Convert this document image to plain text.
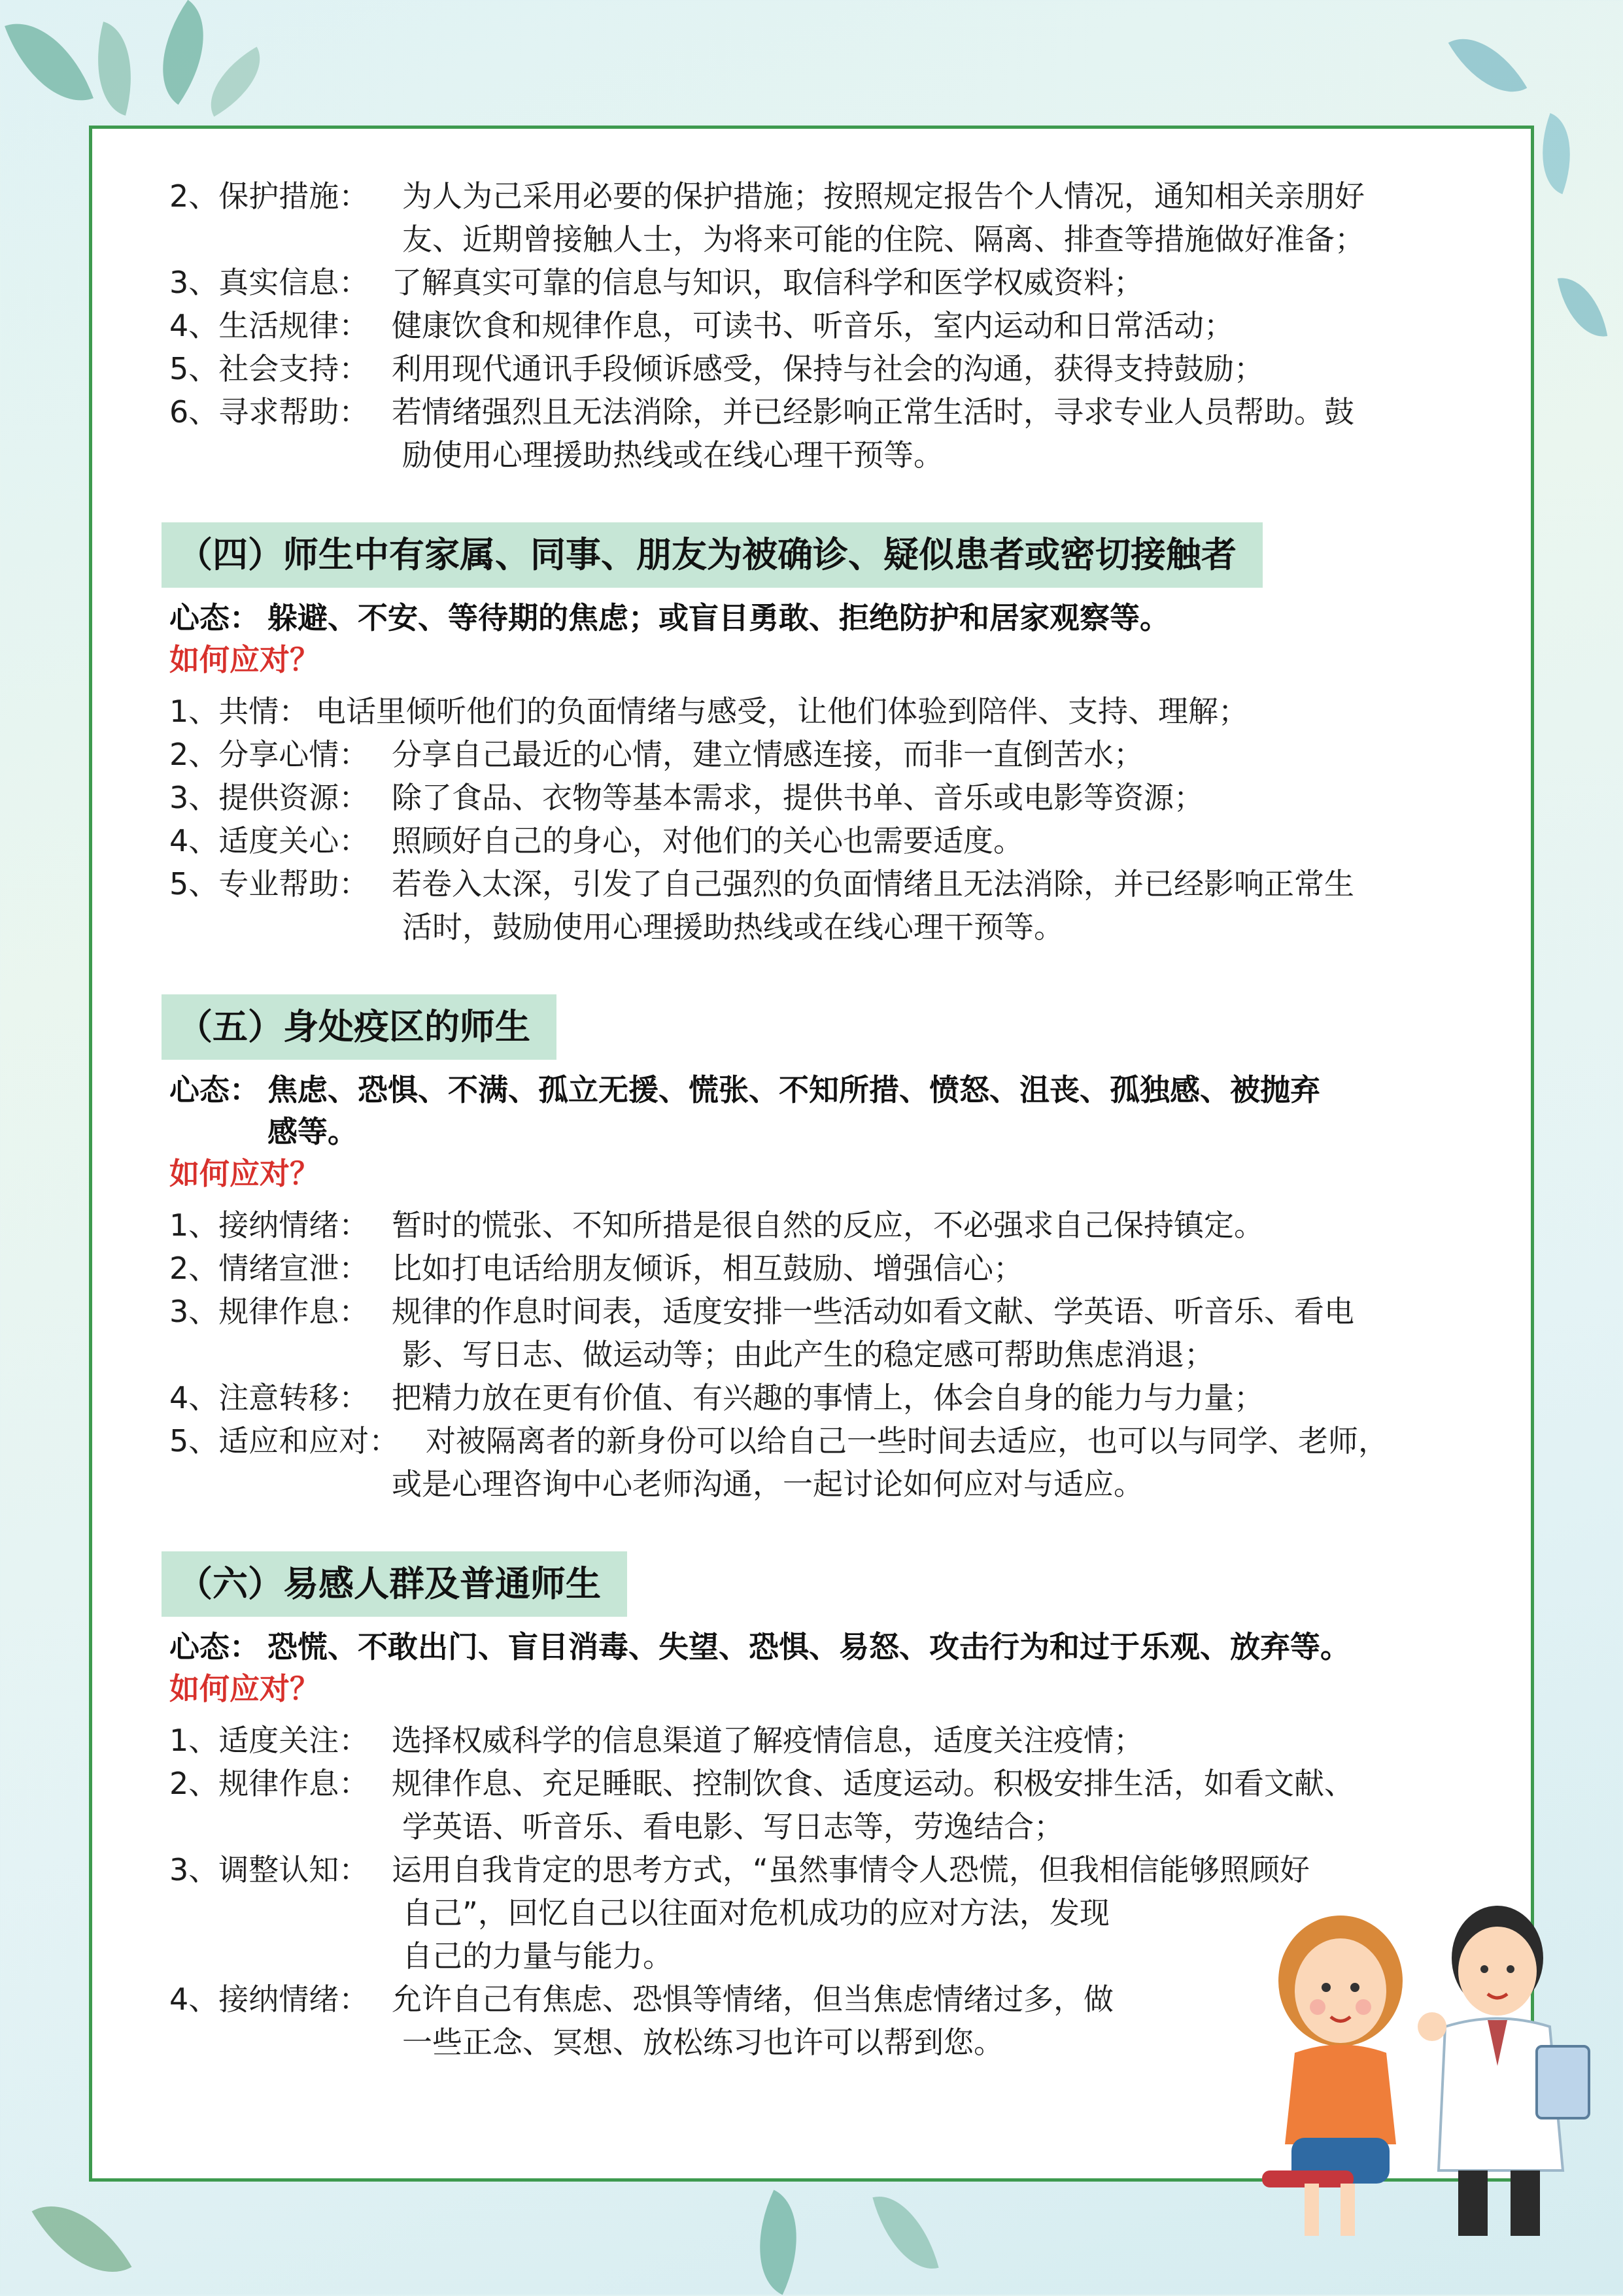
2、保护措施： 为人为己采用必要的保护措施；按照规定报告个人情况，通知相关亲朋好
友、近期曾接触人士，为将来可能的住院、隔离、排查等措施做好准备；
3、真实信息： 了解真实可靠的信息与知识，取信科学和医学权威资料；
4、生活规律： 健康饮食和规律作息，可读书、听音乐，室内运动和日常活动；
5、社会支持： 利用现代通讯手段倾诉感受，保持与社会的沟通，获得支持鼓励；
6、寻求帮助： 若情绪强烈且无法消除，并已经影响正常生活时，寻求专业人员帮助。鼓
励使用心理援助热线或在线心理干预等。
（四）师生中有家属、同事、朋友为被确诊、疑似患者或密切接触者
心态： 躲避、不安、等待期的焦虑；或盲目勇敢、拒绝防护和居家观察等。
如何应对？
1、共情： 电话里倾听他们的负面情绪与感受，让他们体验到陪伴、支持、理解；
2、分享心情： 分享自己最近的心情，建立情感连接，而非一直倒苦水；
3、提供资源： 除了食品、衣物等基本需求，提供书单、音乐或电影等资源；
4、适度关心： 照顾好自己的身心，对他们的关心也需要适度。
5、专业帮助： 若卷入太深，引发了自己强烈的负面情绪且无法消除，并已经影响正常生
活时，鼓励使用心理援助热线或在线心理干预等。
（五）身处疫区的师生
心态： 焦虑、恐惧、不满、孤立无援、慌张、不知所措、愤怒、沮丧、孤独感、被抛弃
感等。
如何应对？
1、接纳情绪： 暂时的慌张、不知所措是很自然的反应，不必强求自己保持镇定。
2、情绪宣泄： 比如打电话给朋友倾诉，相互鼓励、增强信心；
3、规律作息： 规律的作息时间表，适度安排一些活动如看文献、学英语、听音乐、看电
影、写日志、做运动等；由此产生的稳定感可帮助焦虑消退；
4、注意转移： 把精力放在更有价值、有兴趣的事情上，体会自身的能力与力量；
5、适应和应对： 对被隔离者的新身份可以给自己一些时间去适应，也可以与同学、老师，
或是心理咨询中心老师沟通，一起讨论如何应对与适应。
（六）易感人群及普通师生
心态： 恐慌、不敢出门、盲目消毒、失望、恐惧、易怒、攻击行为和过于乐观、放弃等。
如何应对？
1、适度关注： 选择权威科学的信息渠道了解疫情信息，适度关注疫情；
2、规律作息： 规律作息、充足睡眠、控制饮食、适度运动。积极安排生活，如看文献、
学英语、听音乐、看电影、写日志等，劳逸结合；
3、调整认知： 运用自我肯定的思考方式，“虽然事情令人恐慌，但我相信能够照顾好
自己”，回忆自己以往面对危机成功的应对方法，发现
自己的力量与能力。
4、接纳情绪： 允许自己有焦虑、恐惧等情绪，但当焦虑情绪过多，做
一些正念、冥想、放松练习也许可以帮到您。
